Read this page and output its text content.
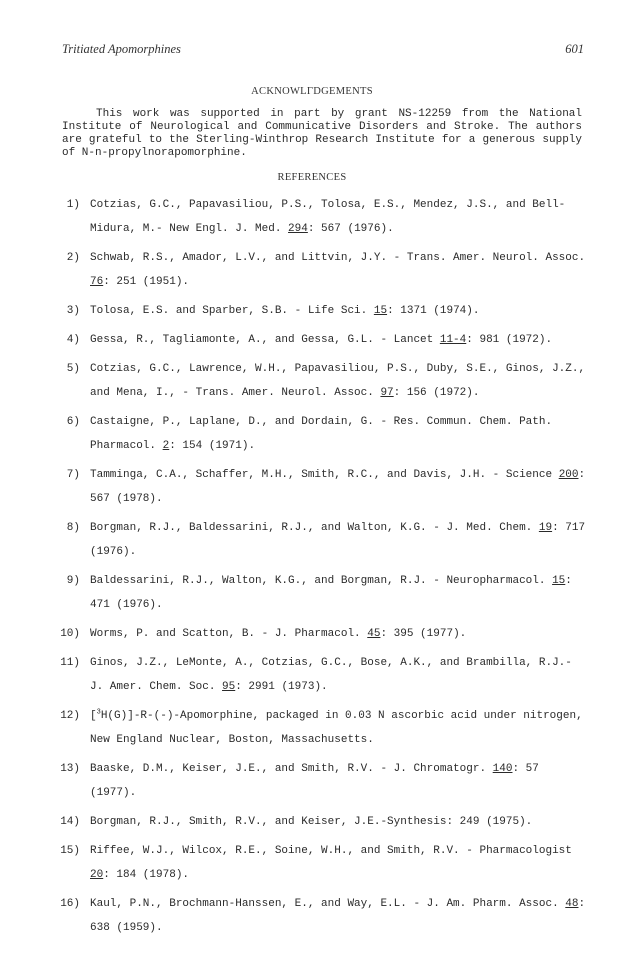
Tritiated Apomorphines	601
ACKNOWLΓDGEMENTS

This work was supported in part by grant NS-12259 from the National Institute of Neurological and Communicative Disorders and Stroke. The authors are grateful to the Sterling-Winthrop Research Institute for a generous supply of N-n-propylnorapomorphine.

REFERENCES
1) Cotzias, G.C., Papavasiliou, P.S., Tolosa, E.S., Mendez, J.S., and Bell-Midura, M.- New Engl. J. Med. 294: 567 (1976).
2) Schwab, R.S., Amador, L.V., and Littvin, J.Y. - Trans. Amer. Neurol. Assoc. 76: 251 (1951).
3) Tolosa, E.S. and Sparber, S.B. - Life Sci. 15: 1371 (1974).
4) Gessa, R., Tagliamonte, A., and Gessa, G.L. - Lancet 11-4: 981 (1972).
5) Cotzias, G.C., Lawrence, W.H., Papavasiliou, P.S., Duby, S.E., Ginos, J.Z., and Mena, I., - Trans. Amer. Neurol. Assoc. 97: 156 (1972).
6) Castaigne, P., Laplane, D., and Dordain, G. - Res. Commun. Chem. Path. Pharmacol. 2: 154 (1971).
7) Tamminga, C.A., Schaffer, M.H., Smith, R.C., and Davis, J.H. - Science 200: 567 (1978).
8) Borgman, R.J., Baldessarini, R.J., and Walton, K.G. - J. Med. Chem. 19: 717 (1976).
9) Baldessarini, R.J., Walton, K.G., and Borgman, R.J. - Neuropharmacol. 15: 471 (1976).
10) Worms, P. and Scatton, B. - J. Pharmacol. 45: 395 (1977).
11) Ginos, J.Z., LeMonte, A., Cotzias, G.C., Bose, A.K., and Brambilla, R.J.- J. Amer. Chem. Soc. 95: 2991 (1973).
12) [$^3$H(G)]-R-(-)-Apomorphine, packaged in 0.03 N ascorbic acid under nitrogen, New England Nuclear, Boston, Massachusetts.
13) Baaske, D.M., Keiser, J.E., and Smith, R.V. - J. Chromatogr. 140: 57 (1977).
14) Borgman, R.J., Smith, R.V., and Keiser, J.E.-Synthesis: 249 (1975).
15) Riffee, W.J., Wilcox, R.E., Soine, W.H., and Smith, R.V. - Pharmacologist 20: 184 (1978).
16) Kaul, P.N., Brochmann-Hanssen, E., and Way, E.L. - J. Am. Pharm. Assoc. 48: 638 (1959).
